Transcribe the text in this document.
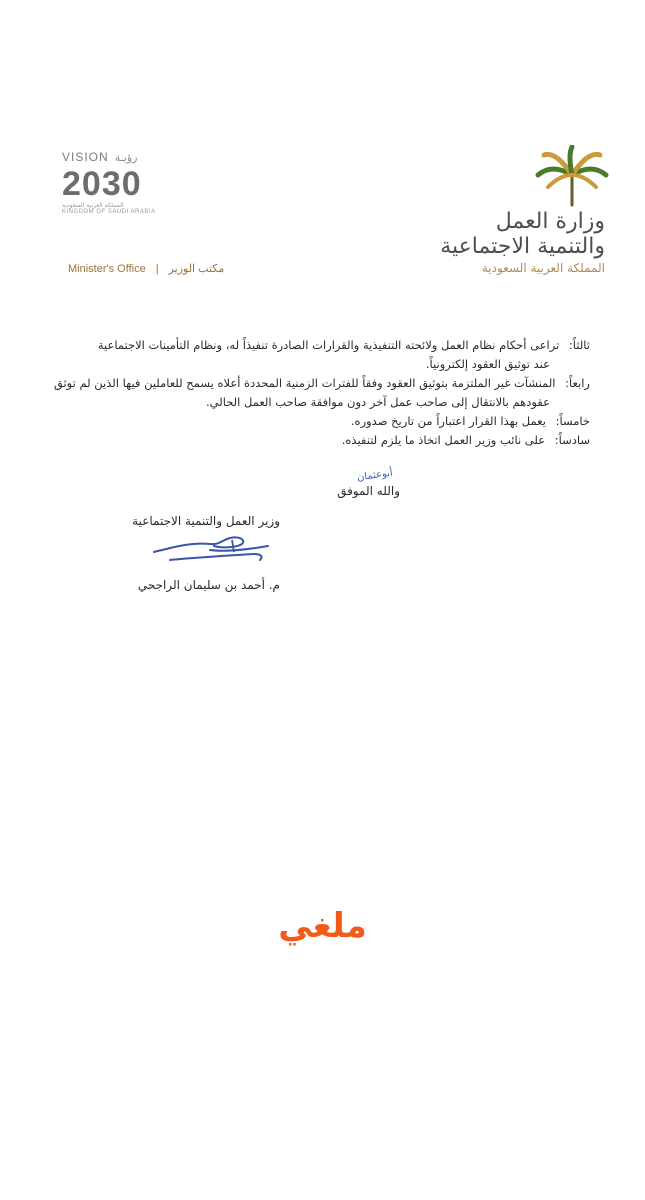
VISION رؤيـة
2030
المملكة العربية السعودية
KINGDOM OF SAUDI ARABIA
Minister's Office | مكتب الوزير
وزارة العمل
والتنمية الاجتماعية
المملكة العربية السعودية

ثالثاً: تراعى أحكام نظام العمل ولائحته التنفيذية والقرارات الصادرة تنفيذاً له، ونظام التأمينات الاجتماعية

عند توثيق العقود إلكترونياً.

رابعاً: المنشآت غير الملتزمة بتوثيق العقود وفقاً للفترات الزمنية المحددة أعلاه يسمح للعاملين فيها الذين لم توثق

عقودهم بالانتقال إلى صاحب عمل آخر دون موافقة صاحب العمل الحالي.

خامساً: يعمل بهذا القرار اعتباراً من تاريخ صدوره.

سادساً: على نائب وزير العمل اتخاذ ما يلزم لتنفيذه.

أبوعثمان
والله الموفق
وزير العمل والتنمية الاجتماعية
م. أحمد بن سليمان الراجحي
ملغي
